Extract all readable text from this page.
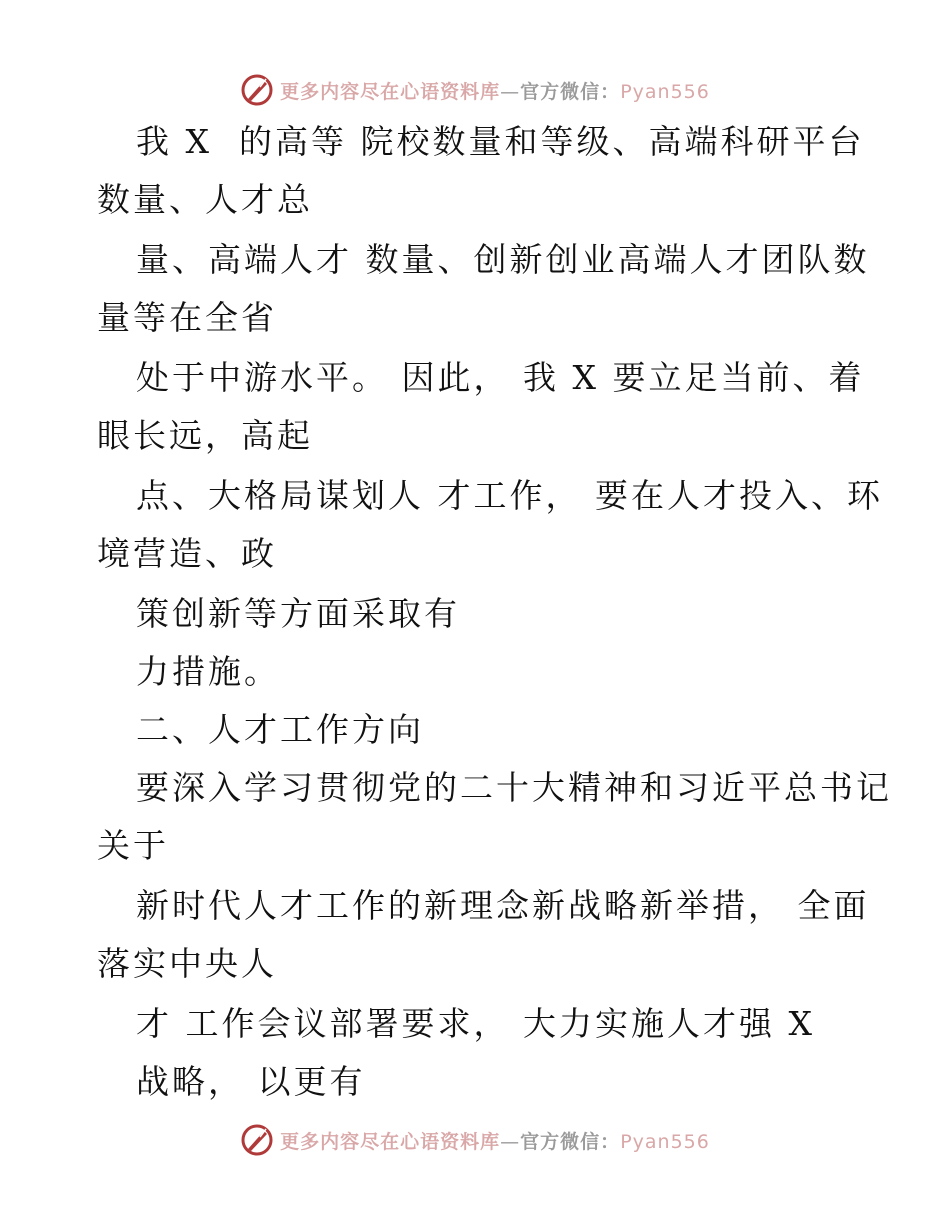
更多内容尽在心语资料库—官方微信：Pyan556
我 X  的高等 院校数量和等级、高端科研平台
数量、人才总
量、高端人才 数量、创新创业高端人才团队数
量等在全省
处于中游水平。 因此， 我 X 要立足当前、着
眼长远，高起
点、大格局谋划人 才工作， 要在人才投入、环
境营造、政
策创新等方面采取有
力措施。
二、人才工作方向
要深入学习贯彻党的二十大精神和习近平总书记
关于
新时代人才工作的新理念新战略新举措， 全面
落实中央人
才 工作会议部署要求， 大力实施人才强 X
战略， 以更有
更多内容尽在心语资料库—官方微信：Pyan556
